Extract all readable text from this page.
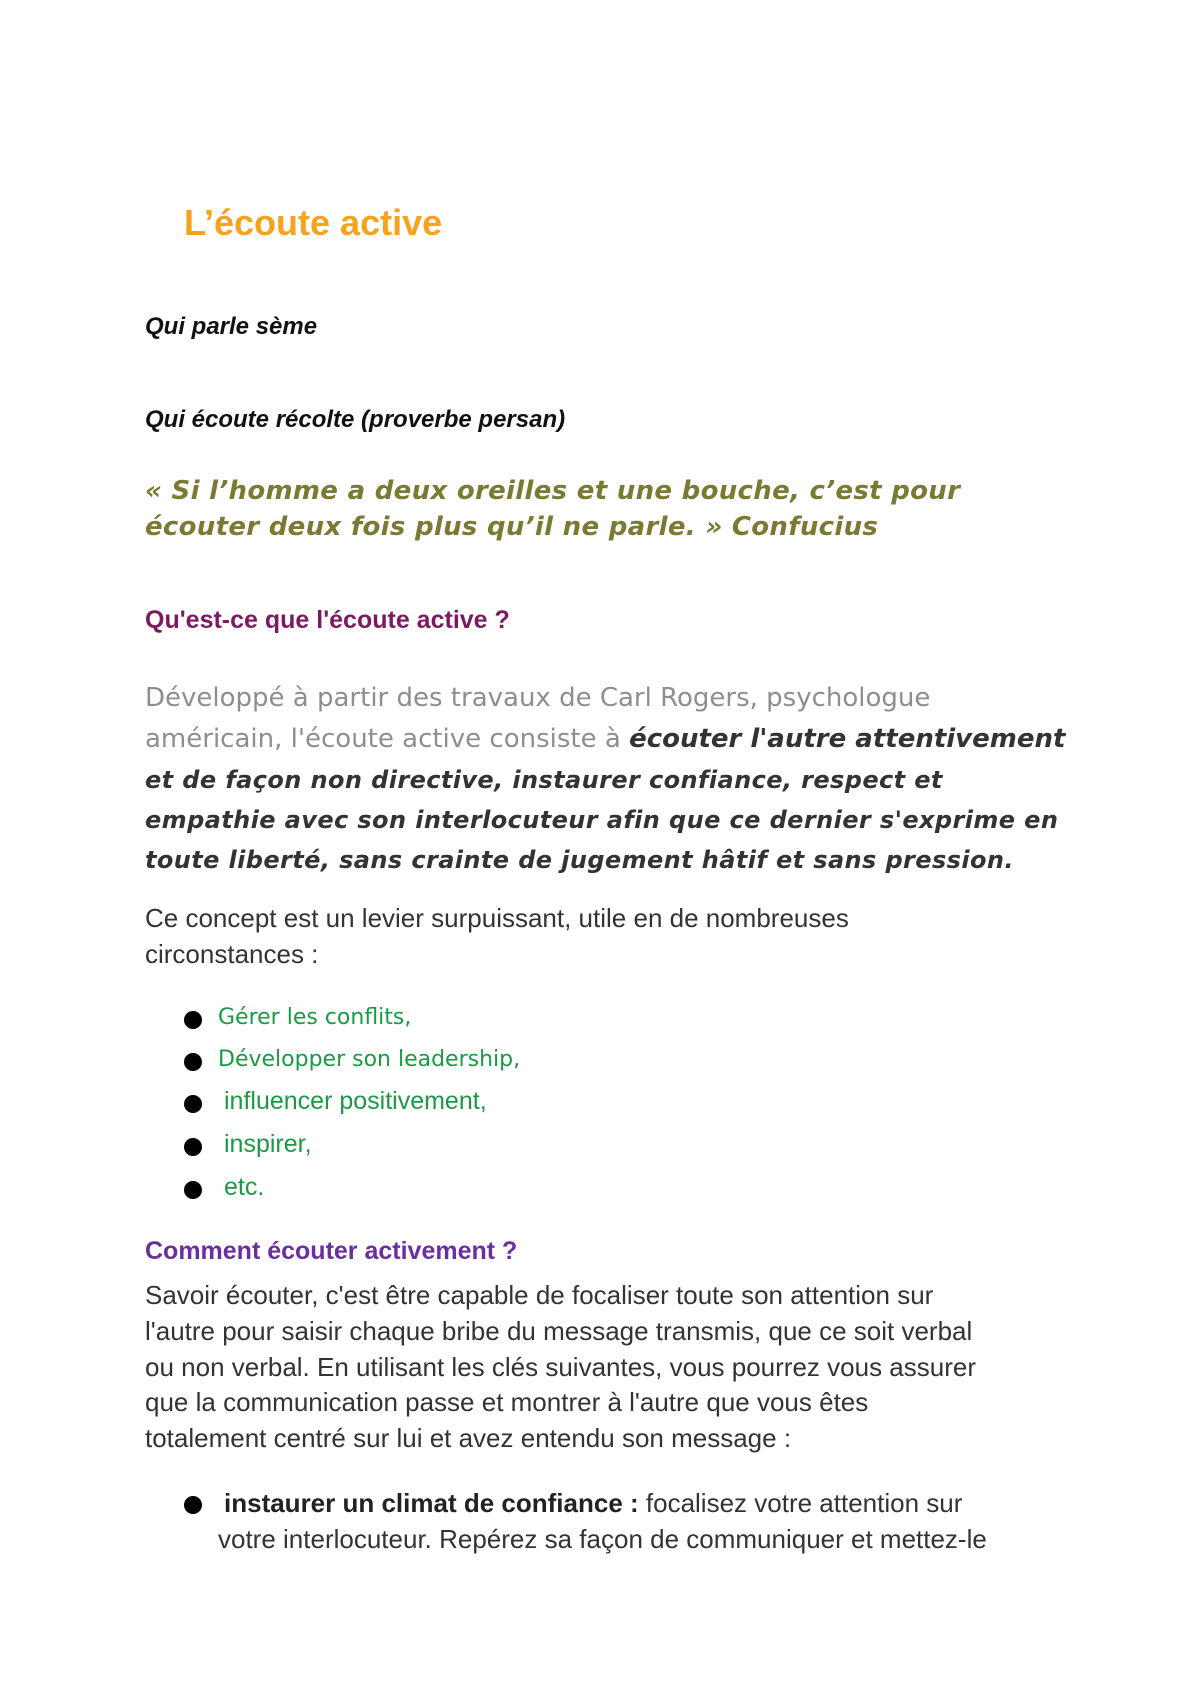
L’écoute active
Qui parle sème
Qui écoute récolte (proverbe persan)
« Si l’homme a deux oreilles et une bouche, c’est pour
écouter deux fois plus qu’il ne parle. » Confucius
Qu'est-ce que l'écoute active ?
Développé à partir des travaux de Carl Rogers, psychologue
américain, l'écoute active consiste à écouter l'autre attentivement
et de façon non directive, instaurer confiance, respect et
empathie avec son interlocuteur afin que ce dernier s'exprime en
toute liberté, sans crainte de jugement hâtif et sans pression.
Ce concept est un levier surpuissant, utile en de nombreuses
circonstances :
Gérer les conflits,
Développer son leadership,
influencer positivement,
inspirer,
etc.
Comment écouter activement ?
Savoir écouter, c'est être capable de focaliser toute son attention sur
l'autre pour saisir chaque bribe du message transmis, que ce soit verbal
ou non verbal. En utilisant les clés suivantes, vous pourrez vous assurer
que la communication passe et montrer à l'autre que vous êtes
totalement centré sur lui et avez entendu son message :
instaurer un climat de confiance : focalisez votre attention sur
votre interlocuteur. Repérez sa façon de communiquer et mettez-le
